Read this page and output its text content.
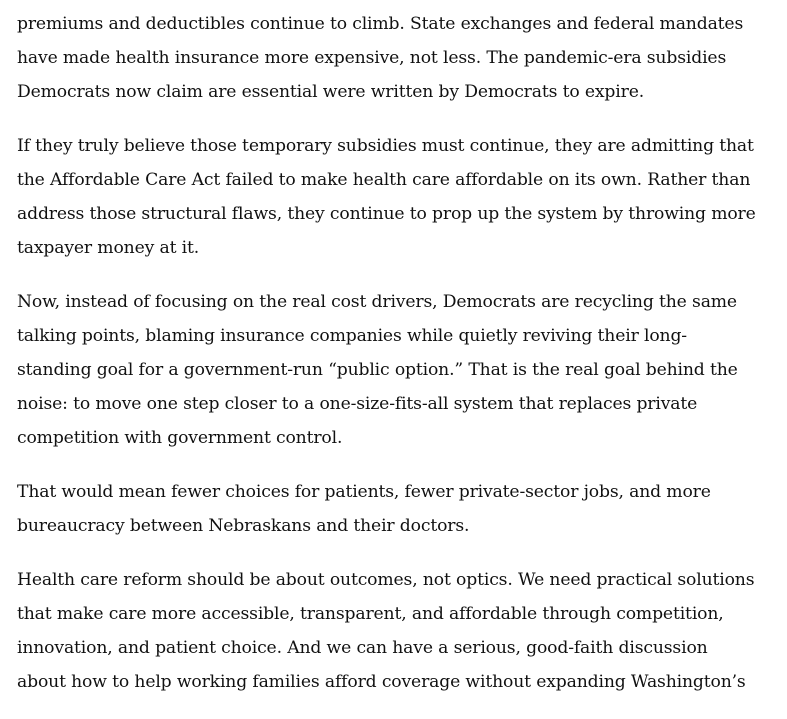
premiums and deductibles continue to climb. State exchanges and federal mandates
have made health insurance more expensive, not less. The pandemic-era subsidies
Democrats now claim are essential were written by Democrats to expire.

If they truly believe those temporary subsidies must continue, they are admitting that
the Affordable Care Act failed to make health care affordable on its own. Rather than
address those structural flaws, they continue to prop up the system by throwing more
taxpayer money at it.

Now, instead of focusing on the real cost drivers, Democrats are recycling the same
talking points, blaming insurance companies while quietly reviving their long-
standing goal for a government-run “public option.” That is the real goal behind the
noise: to move one step closer to a one-size-fits-all system that replaces private
competition with government control.

That would mean fewer choices for patients, fewer private-sector jobs, and more
bureaucracy between Nebraskans and their doctors.

Health care reform should be about outcomes, not optics. We need practical solutions
that make care more accessible, transparent, and affordable through competition,
innovation, and patient choice. And we can have a serious, good-faith discussion
about how to help working families afford coverage without expanding Washington’s
